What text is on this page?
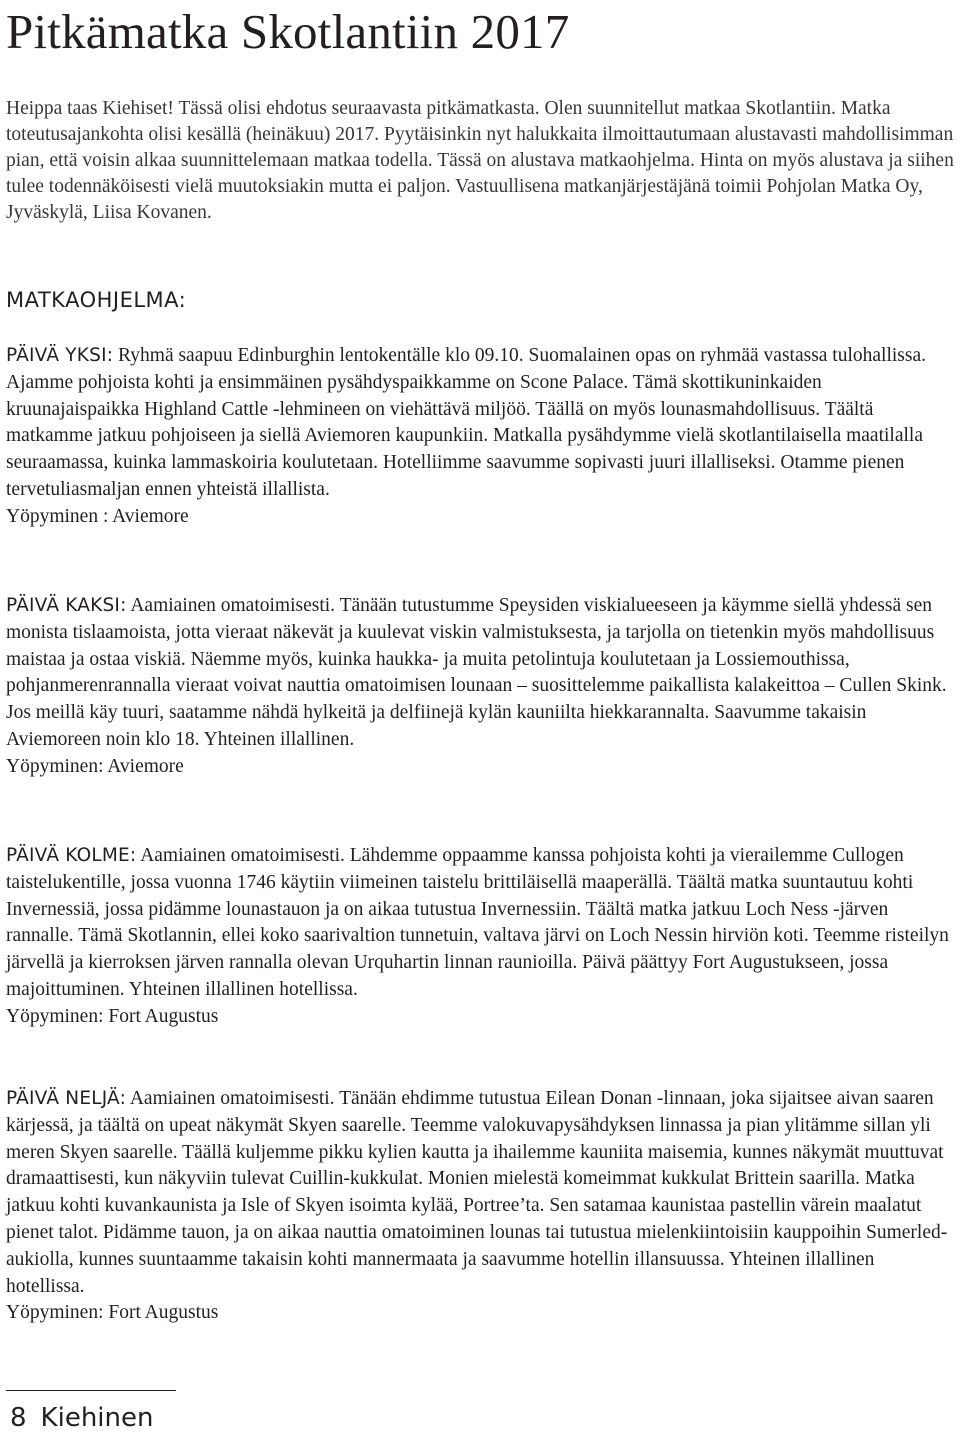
Pitkämatka Skotlantiin 2017

Heippa taas Kiehiset! Tässä olisi ehdotus seuraavasta pitkämatkasta. Olen suunnitellut matkaa Skotlantiin. Matka toteutusajankohta olisi kesällä (heinäkuu) 2017. Pyytäisinkin nyt halukkaita ilmoittautumaan alustavasti mahdollisimman pian, että voisin alkaa suunnittelemaan matkaa todella. Tässä on alustava matkaohjelma. Hinta on myös alustava ja siihen tulee todennäköisesti vielä muutoksiakin mutta ei paljon. Vastuullisena matkanjärjestäjänä toimii Pohjolan Matka Oy, Jyväskylä, Liisa Kovanen.

MATKAOHJELMA:

PÄIVÄ YKSI: Ryhmä saapuu Edinburghin lentokentälle klo 09.10. Suomalainen opas on ryhmää vastassa tulohallissa. Ajamme pohjoista kohti ja ensimmäinen pysähdyspaikkamme on Scone Palace. Tämä skottikuninkaiden kruunajaispaikka Highland Cattle -lehmineen on viehättävä miljöö. Täällä on myös lounasmahdollisuus. Täältä matkamme jatkuu pohjoiseen ja siellä Aviemoren kaupunkiin. Matkalla pysähdymme vielä skotlantilaisella maatilalla seuraamassa, kuinka lammaskoiria koulutetaan. Hotelliimme saavumme sopivasti juuri illalliseksi. Otamme pienen tervetuliasmaljan ennen yhteistä illallista.
Yöpyminen : Aviemore

PÄIVÄ KAKSI: Aamiainen omatoimisesti. Tänään tutustumme Speysiden viskialueeseen ja käymme siellä yhdessä sen monista tislaamoista, jotta vieraat näkevät ja kuulevat viskin valmistuksesta, ja tarjolla on tietenkin myös mahdollisuus maistaa ja ostaa viskiä. Näemme myös, kuinka haukka- ja muita petolintuja koulutetaan ja Lossiemouthissa, pohjanmerenrannalla vieraat voivat nauttia omatoimisen lounaan – suosittelemme paikallista kalakeittoa – Cullen Skink. Jos meillä käy tuuri, saatamme nähdä hylkeitä ja delfiinejä kylän kauniilta hiekkarannalta. Saavumme takaisin Aviemoreen noin klo 18. Yhteinen illallinen.
Yöpyminen: Aviemore

PÄIVÄ KOLME: Aamiainen omatoimisesti. Lähdemme oppaamme kanssa pohjoista kohti ja vierailemme Cullogen taistelukentille, jossa vuonna 1746 käytiin viimeinen taistelu brittiläisellä maaperällä. Täältä matka suuntautuu kohti Invernessiä, jossa pidämme lounastauon ja on aikaa tutustua Invernessiin. Täältä matka jatkuu Loch Ness -järven rannalle. Tämä Skotlannin, ellei koko saarivaltion tunnetuin, valtava järvi on Loch Nessin hirviön koti. Teemme risteilyn järvellä ja kierroksen järven rannalla olevan Urquhartin linnan raunioilla. Päivä päättyy Fort Augustukseen, jossa majoittuminen. Yhteinen illallinen hotellissa.
Yöpyminen: Fort Augustus

PÄIVÄ NELJÄ: Aamiainen omatoimisesti. Tänään ehdimme tutustua Eilean Donan -linnaan, joka sijaitsee aivan saaren kärjessä, ja täältä on upeat näkymät Skyen saarelle. Teemme valokuvapysähdyksen linnassa ja pian ylitämme sillan yli meren Skyen saarelle. Täällä kuljemme pikku kylien kautta ja ihailemme kauniita maisemia, kunnes näkymät muuttuvat dramaattisesti, kun näkyviin tulevat Cuillin-kukkulat. Monien mielestä komeimmat kukkulat Brittein saarilla. Matka jatkuu kohti kuvankaunista ja Isle of Skyen isoimta kylää, Portree’ta. Sen satamaa kaunistaa pastellin värein maalatut pienet talot. Pidämme tauon, ja on aikaa nauttia omatoiminen lounas tai tutustua mielenkiintoisiin kauppoihin Sumerled-aukiolla, kunnes suuntaamme takaisin kohti mannermaata ja saavumme hotellin illansuussa. Yhteinen illallinen hotellissa.
Yöpyminen: Fort Augustus

8 Kiehinen
